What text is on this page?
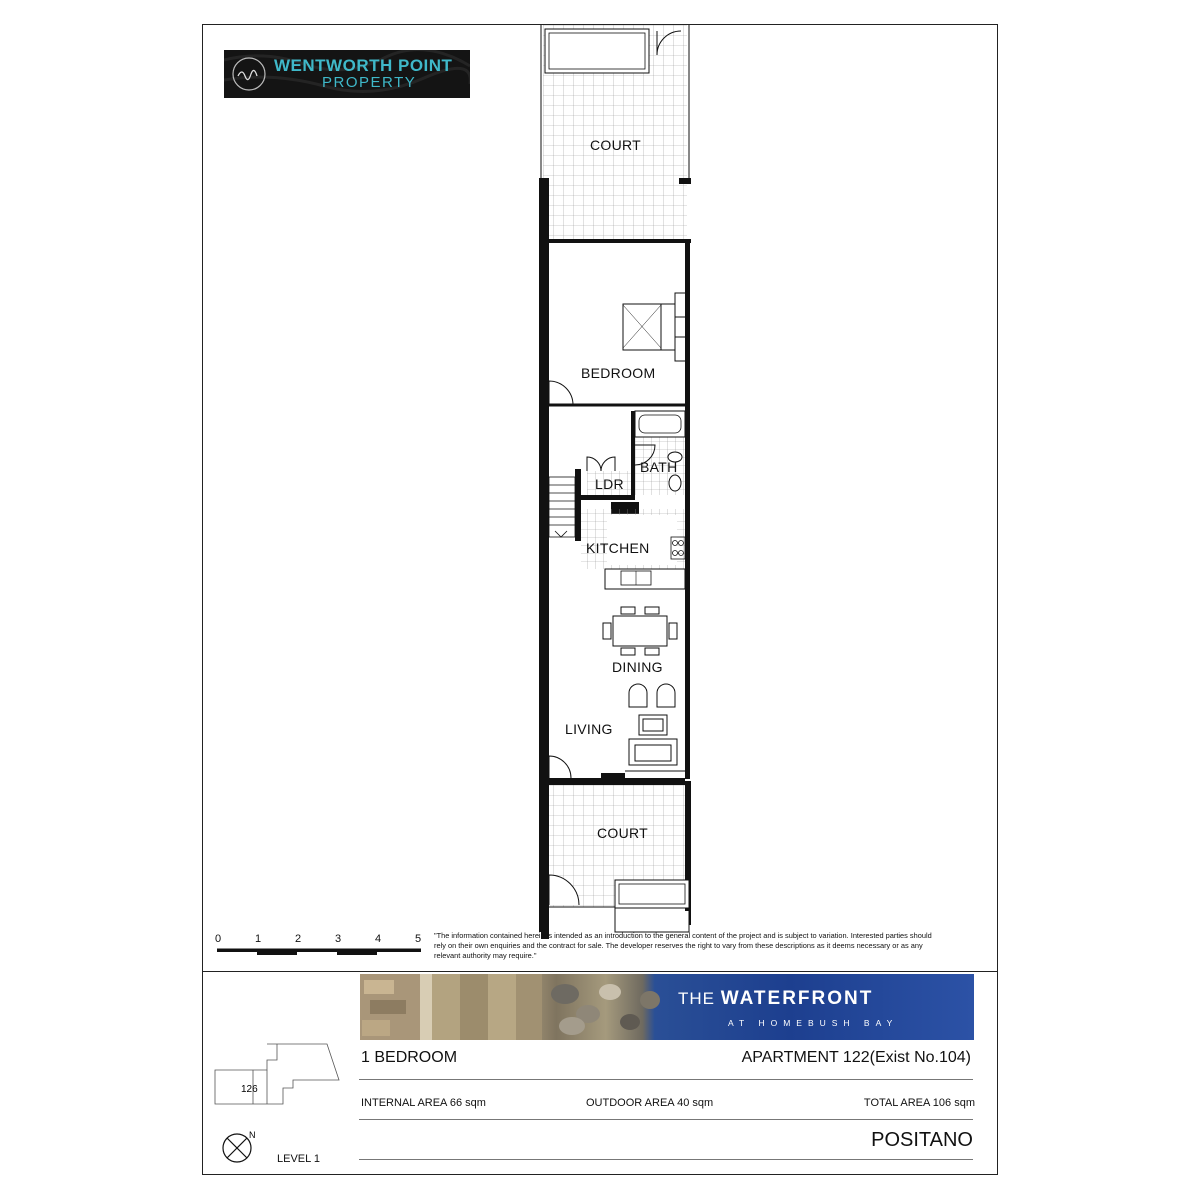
WENTWORTH POINT
PROPERTY
COURT
BEDROOM
BATH
LDR
KITCHEN
DINING
LIVING
COURT
0	1	2	3	4	5 "The information contained herein is intended as an introduction to the general content of the project and is subject to variation. Interested parties should rely on their own enquiries and the contract for sale. The developer reserves the right to vary from these descriptions as it deems necessary or as any relevant authority may require."
THE WATERFRONT
AT HOMEBUSH BAY
1 BEDROOM	APARTMENT 122(Exist No.104)
INTERNAL AREA 66 sqm	OUTDOOR AREA 40 sqm	TOTAL AREA 106 sqm
POSITANO
126
N
LEVEL 1
